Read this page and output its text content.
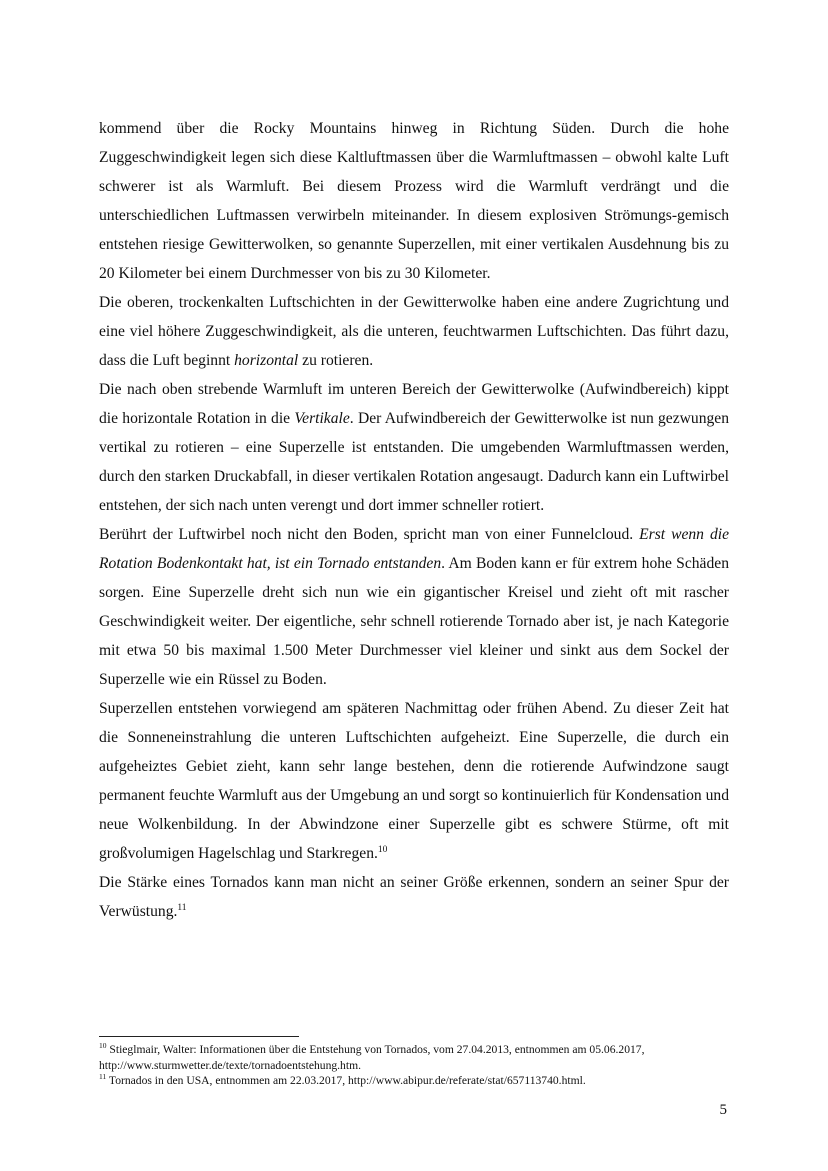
kommend über die Rocky Mountains hinweg in Richtung Süden. Durch die hohe Zuggeschwindigkeit legen sich diese Kaltluftmassen über die Warmluftmassen – obwohl kalte Luft schwerer ist als Warmluft. Bei diesem Prozess wird die Warmluft verdrängt und die unterschiedlichen Luftmassen verwirbeln miteinander. In diesem explosiven Strömungs-gemisch entstehen riesige Gewitterwolken, so genannte Superzellen, mit einer vertikalen Ausdehnung bis zu 20 Kilometer bei einem Durchmesser von bis zu 30 Kilometer.

Die oberen, trockenkalten Luftschichten in der Gewitterwolke haben eine andere Zugrichtung und eine viel höhere Zuggeschwindigkeit, als die unteren, feuchtwarmen Luftschichten. Das führt dazu, dass die Luft beginnt horizontal zu rotieren.

Die nach oben strebende Warmluft im unteren Bereich der Gewitterwolke (Aufwindbereich) kippt die horizontale Rotation in die Vertikale. Der Aufwindbereich der Gewitterwolke ist nun gezwungen vertikal zu rotieren – eine Superzelle ist entstanden. Die umgebenden Warmluftmassen werden, durch den starken Druckabfall, in dieser vertikalen Rotation angesaugt. Dadurch kann ein Luftwirbel entstehen, der sich nach unten verengt und dort immer schneller rotiert.

Berührt der Luftwirbel noch nicht den Boden, spricht man von einer Funnelcloud. Erst wenn die Rotation Bodenkontakt hat, ist ein Tornado entstanden. Am Boden kann er für extrem hohe Schäden sorgen. Eine Superzelle dreht sich nun wie ein gigantischer Kreisel und zieht oft mit rascher Geschwindigkeit weiter. Der eigentliche, sehr schnell rotierende Tornado aber ist, je nach Kategorie mit etwa 50 bis maximal 1.500 Meter Durchmesser viel kleiner und sinkt aus dem Sockel der Superzelle wie ein Rüssel zu Boden.

Superzellen entstehen vorwiegend am späteren Nachmittag oder frühen Abend. Zu dieser Zeit hat die Sonneneinstrahlung die unteren Luftschichten aufgeheizt. Eine Superzelle, die durch ein aufgeheiztes Gebiet zieht, kann sehr lange bestehen, denn die rotierende Aufwindzone saugt permanent feuchte Warmluft aus der Umgebung an und sorgt so kontinuierlich für Kondensation und neue Wolkenbildung. In der Abwindzone einer Superzelle gibt es schwere Stürme, oft mit großvolumigen Hagelschlag und Starkregen.$^{10}$

Die Stärke eines Tornados kann man nicht an seiner Größe erkennen, sondern an seiner Spur der Verwüstung.$^{11}$

$^{10}$ Stieglmair, Walter: Informationen über die Entstehung von Tornados, vom 27.04.2013, entnommen am 05.06.2017, http://www.sturmwetter.de/texte/tornadoentstehung.htm.

$^{11}$ Tornados in den USA, entnommen am 22.03.2017, http://www.abipur.de/referate/stat/657113740.html.

5
